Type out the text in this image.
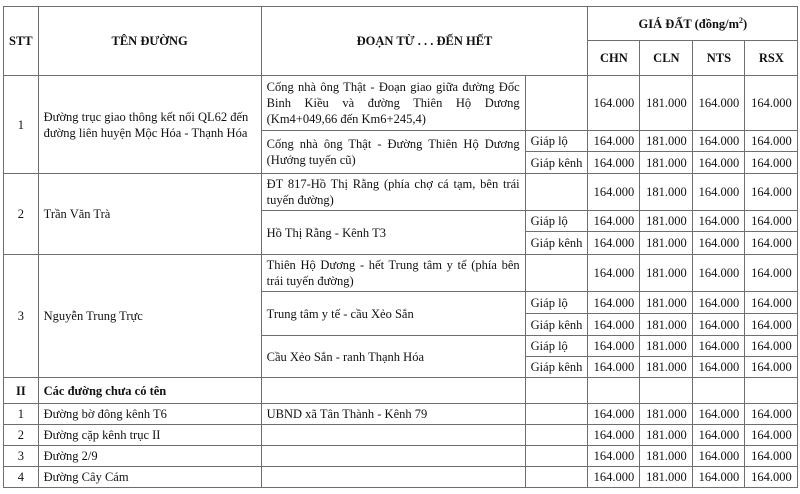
STT	TÊN ĐƯỜNG	ĐOẠN TỪ . . . ĐẾN HẾT		GIÁ ĐẤT $(đồng/m^2)$			
				CHN	CLN	NTS	RSX
1	Đường trục giao thông kết nối QL62 đến đường liên huyện Mộc Hóa - Thạnh Hóa	Cống nhà ông Thật - Đoạn giao giữa đường Đốc Binh Kiều và đường Thiên Hộ Dương (Km4+049,66 đến Km6+245,4)		164.000	181.000	164.000	164.000
		Cống nhà ông Thật - Đường Thiên Hộ Dương (Hướng tuyến cũ)	Giáp lộ	164.000	181.000	164.000	164.000
			Giáp kênh	164.000	181.000	164.000	164.000
2	Trần Văn Trà	ĐT 817-Hồ Thị Rằng (phía chợ cá tạm, bên trái tuyến đường)		164.000	181.000	164.000	164.000
		Hồ Thị Rằng - Kênh T3	Giáp lộ	164.000	181.000	164.000	164.000
			Giáp kênh	164.000	181.000	164.000	164.000
3	Nguyễn Trung Trực	Thiên Hộ Dương - hết Trung tâm y tế (phía bên trái tuyến đường)		164.000	181.000	164.000	164.000
		Trung tâm y tế - cầu Xẻo Sắn	Giáp lộ	164.000	181.000	164.000	164.000
			Giáp kênh	164.000	181.000	164.000	164.000
		Cầu Xẻo Sắn - ranh Thạnh Hóa	Giáp lộ	164.000	181.000	164.000	164.000
			Giáp kênh	164.000	181.000	164.000	164.000
II	Các đường chưa có tên						
1	Đường bờ đông kênh T6	UBND xã Tân Thành - Kênh 79		164.000	181.000	164.000	164.000
2	Đường cặp kênh trục II			164.000	181.000	164.000	164.000
3	Đường 2/9			164.000	181.000	164.000	164.000
4	Đường Cây Cám			164.000	181.000	164.000	164.000
